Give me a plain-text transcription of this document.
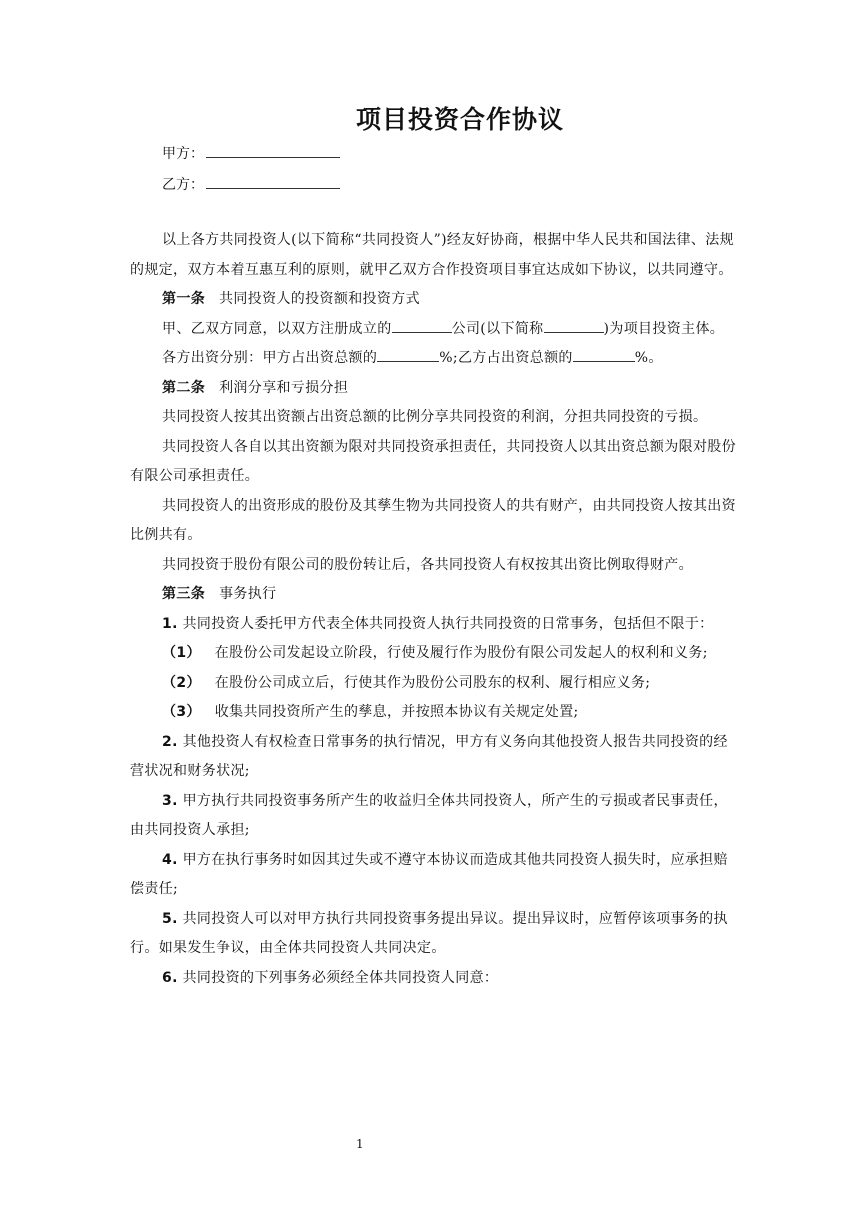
项目投资合作协议
甲方：
乙方：

以上各方共同投资人(以下简称“共同投资人”)经友好协商，根据中华人民共和国法律、法规的规定，双方本着互惠互利的原则，就甲乙双方合作投资项目事宜达成如下协议，以共同遵守。

第一条 共同投资人的投资额和投资方式

甲、乙双方同意，以双方注册成立的	公司(以下简称	)为项目投资主体。

各方出资分别：甲方占出资总额的	%;乙方占出资总额的	%。

第二条 利润分享和亏损分担

共同投资人按其出资额占出资总额的比例分享共同投资的利润，分担共同投资的亏损。

共同投资人各自以其出资额为限对共同投资承担责任，共同投资人以其出资总额为限对股份有限公司承担责任。

共同投资人的出资形成的股份及其孳生物为共同投资人的共有财产，由共同投资人按其出资比例共有。

共同投资于股份有限公司的股份转让后，各共同投资人有权按其出资比例取得财产。

第三条 事务执行

1. 共同投资人委托甲方代表全体共同投资人执行共同投资的日常事务，包括但不限于：

（1） 在股份公司发起设立阶段，行使及履行作为股份有限公司发起人的权利和义务;

（2） 在股份公司成立后，行使其作为股份公司股东的权利、履行相应义务;

（3） 收集共同投资所产生的孳息，并按照本协议有关规定处置;

2. 其他投资人有权检查日常事务的执行情况，甲方有义务向其他投资人报告共同投资的经营状况和财务状况;

3. 甲方执行共同投资事务所产生的收益归全体共同投资人，所产生的亏损或者民事责任，由共同投资人承担;

4. 甲方在执行事务时如因其过失或不遵守本协议而造成其他共同投资人损失时，应承担赔偿责任;

5. 共同投资人可以对甲方执行共同投资事务提出异议。提出异议时，应暂停该项事务的执行。如果发生争议，由全体共同投资人共同决定。

6. 共同投资的下列事务必须经全体共同投资人同意：

1
